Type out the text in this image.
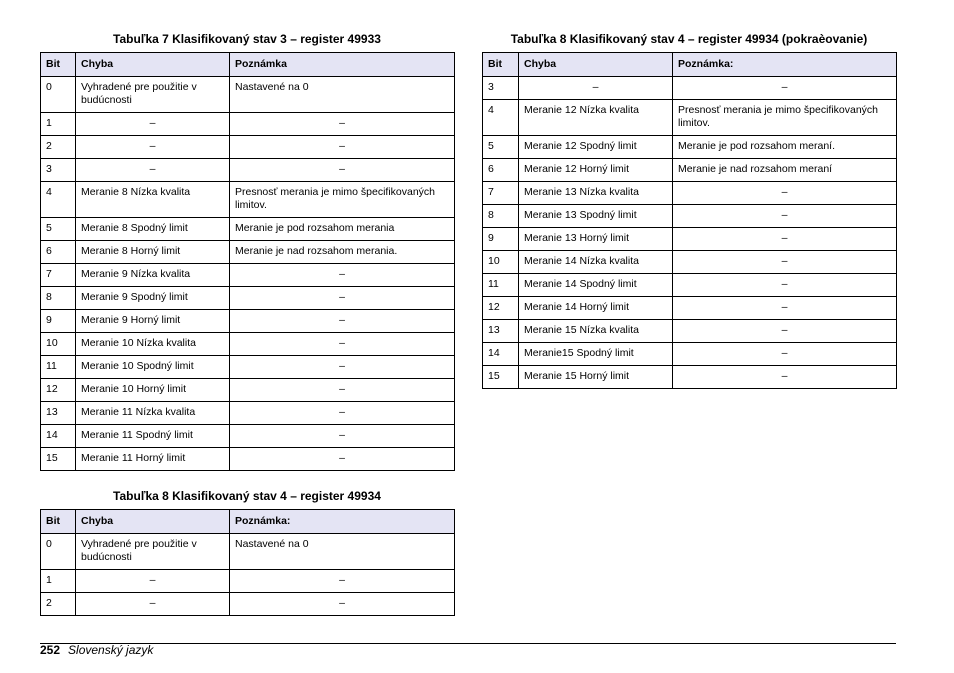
Tabuľka 7 Klasifikovaný stav 3 – register 49933
Bit	Chyba	Poznámka
0	Vyhradené pre použitie v budúcnosti	Nastavené na 0
1	–	–
2	–	–
3	–	–
4	Meranie 8 Nízka kvalita	Presnosť merania je mimo špecifikovaných limitov.
5	Meranie 8 Spodný limit	Meranie je pod rozsahom merania
6	Meranie 8 Horný limit	Meranie je nad rozsahom merania.
7	Meranie 9 Nízka kvalita	–
8	Meranie 9 Spodný limit	–
9	Meranie 9 Horný limit	–
10	Meranie 10 Nízka kvalita	–
11	Meranie 10 Spodný limit	–
12	Meranie 10 Horný limit	–
13	Meranie 11 Nízka kvalita	–
14	Meranie 11 Spodný limit	–
15	Meranie 11 Horný limit	–
Tabuľka 8 Klasifikovaný stav 4 – register 49934
Bit	Chyba	Poznámka:
0	Vyhradené pre použitie v budúcnosti	Nastavené na 0
1	–	–
2	–	–
Tabuľka 8 Klasifikovaný stav 4 – register 49934 (pokraèovanie)
Bit	Chyba	Poznámka:
3	–	–
4	Meranie 12 Nízka kvalita	Presnosť merania je mimo špecifikovaných limitov.
5	Meranie 12 Spodný limit	Meranie je pod rozsahom meraní.
6	Meranie 12 Horný limit	Meranie je nad rozsahom meraní
7	Meranie 13 Nízka kvalita	–
8	Meranie 13 Spodný limit	–
9	Meranie 13 Horný limit	–
10	Meranie 14 Nízka kvalita	–
11	Meranie 14 Spodný limit	–
12	Meranie 14 Horný limit	–
13	Meranie 15 Nízka kvalita	–
14	Meranie15 Spodný limit	–
15	Meranie 15 Horný limit	–
252 Slovenský jazyk
